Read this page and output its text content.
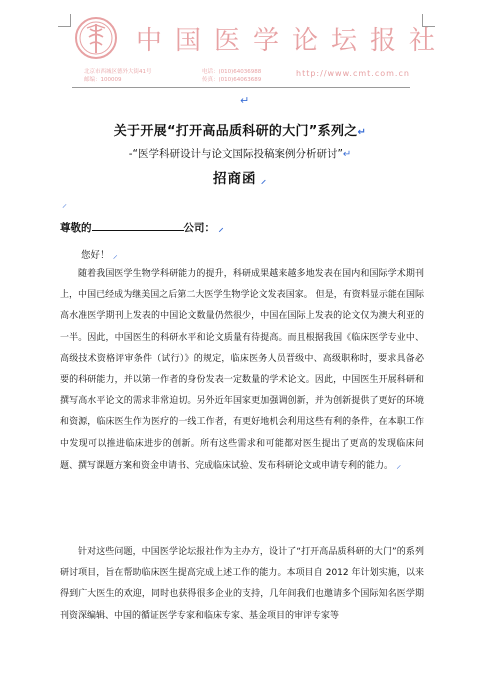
中国医学论坛报社
北京市西城区德外大街41号
邮编：100009
电话：(010)64036988
传真：(010)64063689
http://www.cmt.com.cn
↵
关于开展“打开高品质科研的大门”系列之↵
-“医学科研设计与论文国际投稿案例分析研讨”↵
招商函 ⸝
⸝
尊敬的	公司： ⸝
您好！ ⸝

随着我国医学生物学科研能力的提升，科研成果越来越多地发表在国内和国际学术期刊上，中国已经成为继美国之后第二大医学生物学论文发表国家。 但是，有资料显示能在国际高水准医学期刊上发表的中国论文数量仍然很少，中国在国际上发表的论文仅为澳大利亚的一半。因此，中国医生的科研水平和论文质量有待提高。而且根据我国《临床医学专业中、高级技术资格评审条件（试行）》的规定，临床医务人员晋级中、高级职称时，要求具备必要的科研能力，并以第一作者的身份发表一定数量的学术论文。因此，中国医生开展科研和撰写高水平论文的需求非常迫切。另外近年国家更加强调创新，并为创新提供了更好的环境和资源，临床医生作为医疗的一线工作者，有更好地机会利用这些有利的条件，在本职工作中发现可以推进临床进步的创新。所有这些需求和可能都对医生提出了更高的发现临床问题、撰写课题方案和资金申请书、完成临床试验、发布科研论文或申请专利的能力。 ⸝

针对这些问题，中国医学论坛报社作为主办方，设计了“打开高品质科研的大门”的系列研讨项目，旨在帮助临床医生提高完成上述工作的能力。本项目自 2012 年计划实施，以来得到广大医生的欢迎，同时也获得很多企业的支持，几年间我们也邀请多个国际知名医学期刊资深编辑、中国的循证医学专家和临床专家、基金项目的审评专家等
